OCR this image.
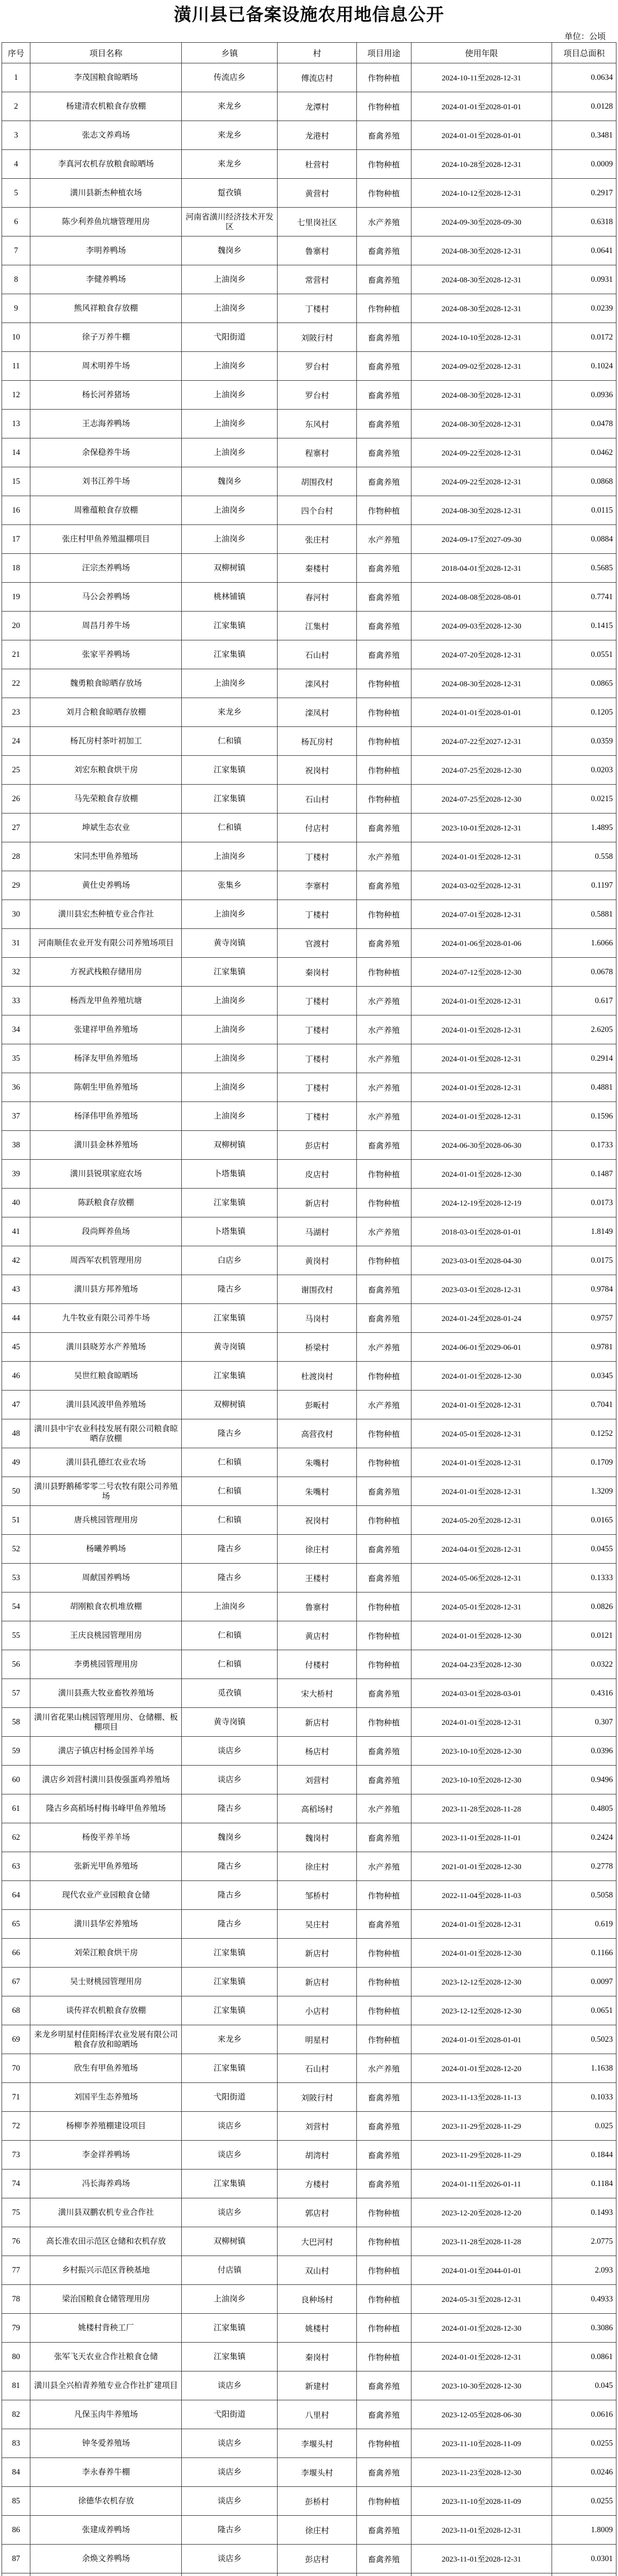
潢川县已备案设施农用地信息公开
单位：公顷
序号	项目名称	乡镇	村	项目用途	使用年限	项目总面积
1	李茂国粮食晾晒场	传流店乡	傅流店村	作物种植	2024-10-11至2028-12-31	0.0634
2	杨建清农机粮食存放棚	来龙乡	龙潭村	作物种植	2024-01-01至2028-01-01	0.0128
3	张志文养鸡场	来龙乡	龙港村	畜禽养殖	2024-01-01至2028-01-01	0.3481
4	李真河农机存放粮食晾晒场	来龙乡	杜营村	作物种植	2024-10-28至2028-12-31	0.0009
5	潢川县新杰种植农场	踅孜镇	黄营村	作物种植	2024-10-12至2028-12-31	0.2917
6	陈少利养鱼坑塘管理用房	河南省潢川经济技术开发区	七里岗社区	水产养殖	2024-09-30至2028-09-30	0.6318
7	李明养鸭场	魏岗乡	鲁寨村	畜禽养殖	2024-08-30至2028-12-31	0.0641
8	李健养鸭场	上油岗乡	常营村	畜禽养殖	2024-08-30至2028-12-31	0.0931
9	熊风祥粮食存放棚	上油岗乡	丁楼村	作物种植	2024-08-30至2028-12-31	0.0239
10	徐子万养牛棚	弋阳街道	刘陂行村	畜禽养殖	2024-10-10至2028-12-31	0.0172
11	周术明养牛场	上油岗乡	罗台村	畜禽养殖	2024-09-02至2028-12-31	0.1024
12	杨长河养猪场	上油岗乡	罗台村	畜禽养殖	2024-08-30至2028-12-31	0.0936
13	王志海养鸭场	上油岗乡	东风村	畜禽养殖	2024-08-30至2028-12-31	0.0478
14	余保稳养牛场	上油岗乡	程寨村	畜禽养殖	2024-09-22至2028-12-31	0.0462
15	刘书江养牛场	魏岗乡	胡围孜村	畜禽养殖	2024-09-22至2028-12-31	0.0868
16	周雅蕴粮食存放棚	上油岗乡	四个台村	作物种植	2024-08-30至2028-12-31	0.0115
17	张庄村甲鱼养殖温棚项目	上油岗乡	张庄村	水产养殖	2024-09-17至2027-09-30	0.0884
18	汪宗杰养鸭场	双柳树镇	秦楼村	畜禽养殖	2018-04-01至2028-12-31	0.5685
19	马公会养鸭场	桃林铺镇	春河村	畜禽养殖	2024-08-08至2028-08-01	0.7741
20	周昌月养牛场	江家集镇	江集村	畜禽养殖	2024-09-03至2028-12-30	0.1415
21	张家平养鸭场	江家集镇	石山村	畜禽养殖	2024-07-20至2028-12-31	0.0551
22	魏勇粮食晾晒存放场	上油岗乡	滦风村	作物种植	2024-08-30至2028-12-31	0.0865
23	刘月合粮食晾晒存放棚	来龙乡	滦凤村	作物种植	2024-01-01至2028-01-01	0.1205
24	杨瓦房村茶叶初加工	仁和镇	杨瓦房村	作物种植	2024-07-22至2027-12-31	0.0359
25	刘宏东粮食烘干房	江家集镇	祝岗村	作物种植	2024-07-25至2028-12-30	0.0203
26	马先荣粮食存放棚	江家集镇	石山村	作物种植	2024-07-25至2028-12-30	0.0215
27	坤斌生态农业	仁和镇	付店村	畜禽养殖	2023-10-01至2028-12-31	1.4895
28	宋同杰甲鱼养殖场	上油岗乡	丁楼村	水产养殖	2024-01-01至2028-12-31	0.558
29	黄仕史养鸭场	张集乡	李寨村	畜禽养殖	2024-03-02至2028-12-31	0.1197
30	潢川县宏杰种植专业合作社	上油岗乡	丁楼村	作物种植	2024-07-01至2028-12-31	0.5881
31	河南顺佳农业开发有限公司养殖场项目	黄寺岗镇	官渡村	畜禽养殖	2024-01-06至2028-01-06	1.6066
32	方祝武栈粮存储用房	江家集镇	秦岗村	作物种植	2024-07-12至2028-12-30	0.0678
33	杨西龙甲鱼养殖坑塘	上油岗乡	丁楼村	水产养殖	2024-01-01至2028-12-31	0.617
34	张建祥甲鱼养殖场	上油岗乡	丁楼村	水产养殖	2024-01-01至2028-12-31	2.6205
35	杨泽友甲鱼养殖场	上油岗乡	丁楼村	水产养殖	2024-01-01至2028-12-31	0.2914
36	陈朝生甲鱼养殖场	上油岗乡	丁楼村	水产养殖	2024-01-01至2028-12-31	0.4881
37	杨泽伟甲鱼养殖场	上油岗乡	丁楼村	水产养殖	2024-01-01至2028-12-31	0.1596
38	潢川县金林养殖场	双柳树镇	彭店村	畜禽养殖	2024-06-30至2028-06-30	0.1733
39	潢川县锐琪家庭农场	卜塔集镇	皮店村	作物种植	2024-01-01至2028-12-30	0.1487
40	陈跃粮食存放棚	江家集镇	新店村	作物种植	2024-12-19至2028-12-19	0.0173
41	段尚辉养鱼场	卜塔集镇	马湖村	水产养殖	2018-03-01至2028-01-01	1.8149
42	周西军农机管理用房	白店乡	黄岗村	作物种植	2023-03-01至2028-04-30	0.0175
43	潢川县方邦养殖场	隆古乡	谢围孜村	畜禽养殖	2023-03-01至2028-12-31	0.9784
44	九牛牧业有限公司养牛场	江家集镇	马岗村	畜禽养殖	2024-01-24至2028-01-24	0.9757
45	潢川县晓芳水产养殖场	黄寺岗镇	桥梁村	水产养殖	2024-06-01至2029-06-01	0.9781
46	吴世红粮食晾晒场	江家集镇	杜渡岗村	作物种植	2024-01-01至2028-12-30	0.0345
47	潢川县风波甲鱼养殖场	双柳树镇	彭畈村	水产养殖	2024-01-01至2028-12-31	0.7041
48	潢川县中宇农业科技发展有限公司粮食晾晒存放棚	隆古乡	高营孜村	作物种植	2024-05-01至2028-12-31	0.1252
49	潢川县孔德红农业农场	仁和镇	朱嘴村	作物种植	2024-01-01至2028-12-31	0.1709
50	潢川县野鹅稀零零二号农牧有限公司养殖场	仁和镇	朱嘴村	畜禽养殖	2024-01-01至2028-12-31	1.3209
51	唐兵桃园管理用房	仁和镇	祝岗村	作物种植	2024-05-20至2028-12-31	0.0165
52	杨曦养鸭场	隆古乡	徐庄村	畜禽养殖	2024-04-01至2028-12-31	0.0455
53	周献国养鸭场	隆古乡	王楼村	畜禽养殖	2024-05-06至2028-12-31	0.1333
54	胡刚粮食农机堆放棚	上油岗乡	鲁寨村	作物种植	2024-05-01至2028-12-31	0.0826
55	王庆良桃园管理用房	仁和镇	黄店村	作物种植	2024-01-01至2028-12-30	0.0121
56	李勇桃园管理用房	仁和镇	付楼村	作物种植	2024-04-23至2028-12-30	0.0322
57	潢川县燕大牧业畜牧养殖场	觅孜镇	宋大桥村	畜禽养殖	2024-03-01至2028-03-01	0.4316
58	潢川省花果山桃园管理用房、仓储棚、板棚项目	黄寺岗镇	新店村	作物种植	2024-01-01至2028-12-31	0.307
59	潢店子镇店村杨金国养羊场	谈店乡	杨店村	畜禽养殖	2023-10-10至2028-12-30	0.0396
60	潢店乡刘营村潢川县俊强蛋鸡养殖场	谈店乡	刘营村	畜禽养殖	2023-10-10至2028-12-30	0.9496
61	隆古乡高稻场村梅书峰甲鱼养殖场	隆古乡	高稻场村	水产养殖	2023-11-28至2028-11-28	0.4805
62	杨俊平养羊场	魏岗乡	魏岗村	畜禽养殖	2023-11-01至2028-11-01	0.2424
63	张新光甲鱼养殖场	隆古乡	徐庄村	水产养殖	2021-01-01至2028-12-30	0.2778
64	现代农业产业园粮食仓储	隆古乡	邹桥村	作物种植	2022-11-04至2028-11-03	0.5058
65	潢川县华宏养殖场	隆古乡	吴庄村	畜禽养殖	2024-01-01至2028-12-31	0.619
66	刘荣江粮食烘干房	江家集镇	新店村	作物种植	2024-01-01至2028-12-30	0.1166
67	吴士财桃园管理用房	江家集镇	新店村	作物种植	2023-12-12至2028-12-30	0.0097
68	谈传祥农机粮食存放棚	江家集镇	小店村	作物种植	2023-12-12至2028-12-30	0.0651
69	来龙乡明星村佳阳杨洋农业发展有限公司粮食存放和晾晒场	来龙乡	明星村	作物种植	2024-01-01至2028-01-01	0.5023
70	欣生有甲鱼养殖场	江家集镇	石山村	水产养殖	2024-01-01至2028-12-20	1.1638
71	刘国平生态养殖场	弋阳街道	刘陂行村	畜禽养殖	2023-11-13至2028-11-13	0.1033
72	杨柳李养殖棚建设项目	谈店乡	刘营村	畜禽养殖	2023-11-29至2028-11-29	0.025
73	李金祥养鸭场	谈店乡	胡湾村	畜禽养殖	2023-11-29至2028-11-29	0.1844
74	冯长海养鸡场	江家集镇	方楼村	畜禽养殖	2024-01-11至2026-01-11	0.1184
75	潢川县双鹏农机专业合作社	谈店乡	郭店村	作物种植	2023-12-20至2028-12-20	0.1493
76	高长准农田示范区仓储和农机存放	双柳树镇	大巴河村	作物种植	2023-11-28至2028-11-28	2.0775
77	乡村振兴示范区背秧基地	付店镇	双山村	作物种植	2024-01-01至2044-01-01	2.093
78	梁治国粮食仓储管理用房	上油岗乡	良种场村	作物种植	2024-05-31至2028-12-31	0.4933
79	姚楼村背秧工厂	江家集镇	姚楼村	作物种植	2024-01-01至2028-12-30	0.3086
80	张军飞天农业合作社粮食仓储	江家集镇	秦岗村	作物种植	2024-01-01至2028-12-31	0.0861
81	潢川县全兴柏青养殖专业合作社扩建项目	谈店乡	新建村	畜禽养殖	2023-10-30至2028-12-30	0.045
82	凡保玉肉牛养殖场	弋阳街道	八里村	畜禽养殖	2023-12-05至2028-06-30	0.0616
83	钟冬爱养殖场	谈店乡	李堰头村	作物种植	2023-11-10至2028-11-09	0.0255
84	李永春养牛棚	谈店乡	李堰头村	畜禽养殖	2023-11-23至2028-12-30	0.0246
85	徐德华农机存放	谈店乡	彭桥村	作物种植	2023-11-10至2028-11-09	0.0255
86	张建成养鸭场	隆古乡	徐庄村	畜禽养殖	2023-11-01至2028-12-31	1.8009
87	余焕文养鸭场	谈店乡	彭店村	畜禽养殖	2023-11-01至2028-12-31	0.0301
